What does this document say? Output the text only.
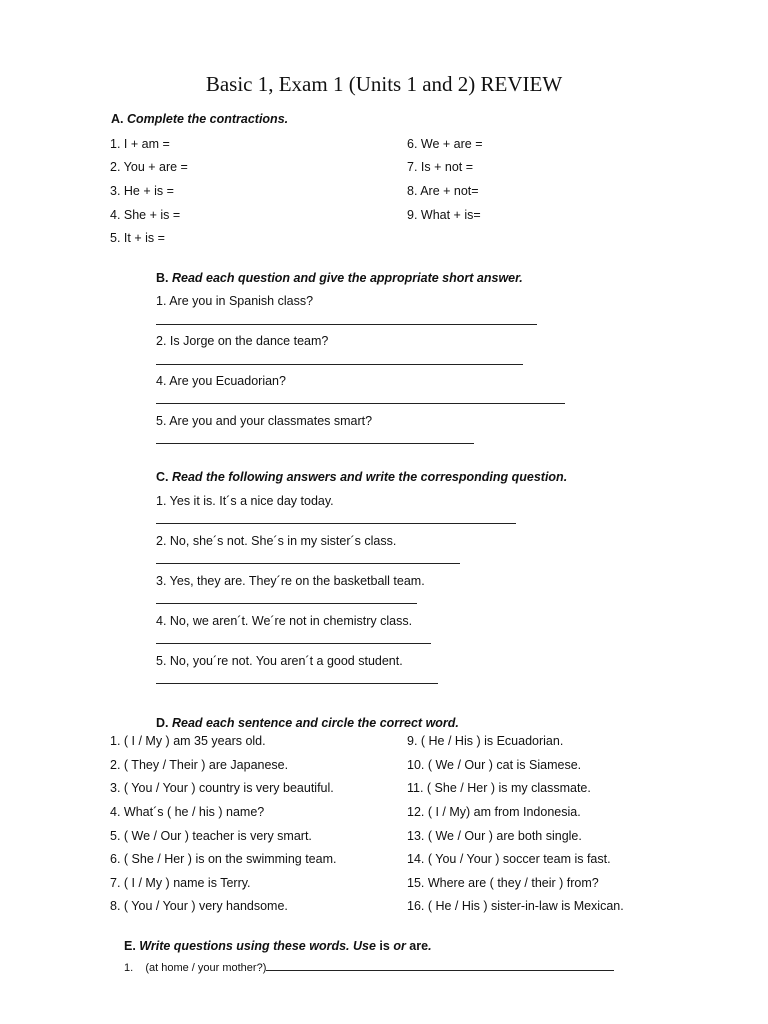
Basic 1, Exam 1 (Units 1 and 2) REVIEW
A. Complete the contractions.
1. I + am =
2. You + are =
3. He + is =
4. She + is =
5. It + is =
6. We + are =
7. Is + not =
8. Are + not=
9. What + is=
B. Read each question and give the appropriate short answer.
1. Are you in Spanish class?
2. Is Jorge on the dance team?
4. Are you Ecuadorian?
5. Are you and your classmates smart?
C. Read the following answers and write the corresponding question.
1. Yes it is. It´s a nice day today.
2. No, she´s not. She´s in my sister´s class.
3. Yes, they are. They´re on the basketball team.
4. No, we aren´t. We´re not in chemistry class.
5. No, you´re not. You aren´t a good student.
D. Read each sentence and circle the correct word.
1. ( I / My ) am 35 years old.
2. ( They / Their ) are Japanese.
3. ( You / Your ) country is very beautiful.
4. What´s ( he / his ) name?
5. ( We / Our ) teacher is very smart.
6. ( She / Her ) is on the swimming team.
7. ( I / My ) name is Terry.
8. ( You / Your ) very handsome.
9. ( He / His ) is Ecuadorian.
10. ( We / Our ) cat is Siamese.
11. ( She / Her ) is my classmate.
12. ( I / My) am from Indonesia.
13. ( We / Our ) are both single.
14. ( You / Your ) soccer team is fast.
15. Where are ( they / their ) from?
16. ( He / His ) sister-in-law is Mexican.
E. Write questions using these words. Use is or are.
1. (at home / your mother?)
